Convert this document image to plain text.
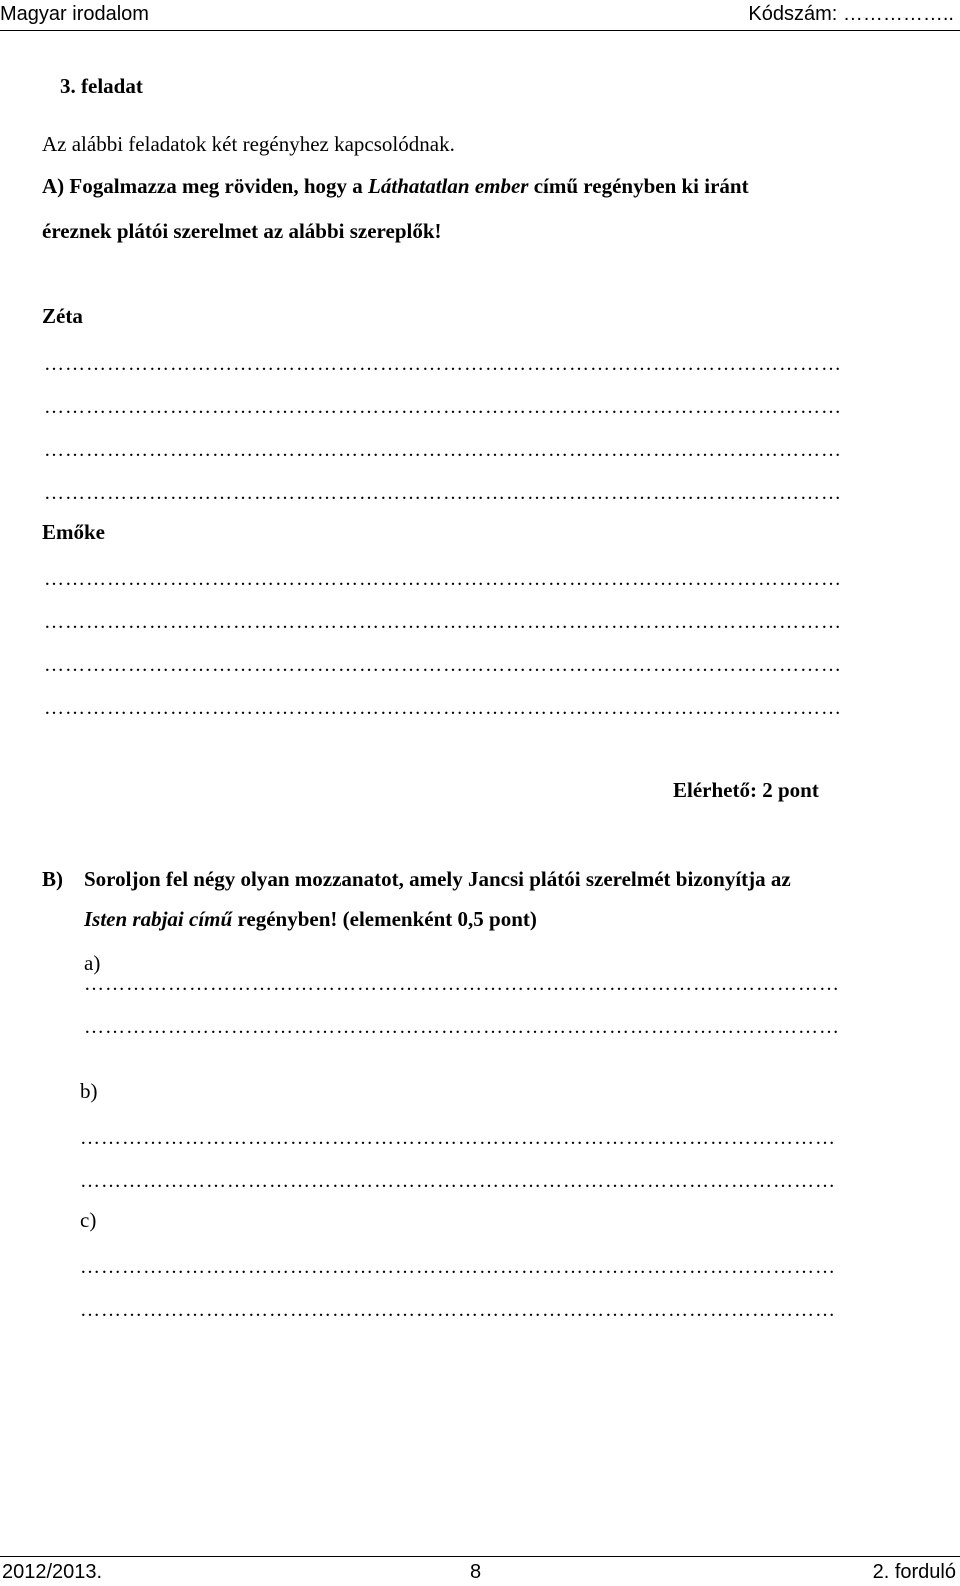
Magyar irodalom	Kódszám: ……………..
3. feladat
Az alábbi feladatok két regényhez kapcsolódnak.
A) Fogalmazza meg röviden, hogy a Láthatatlan ember című regényben ki iránt
éreznek plátói szerelmet az alábbi szereplők!
Zéta
……………………………………………………………………………………………………
……………………………………………………………………………………………………
……………………………………………………………………………………………………
……………………………………………………………………………………………………
Emőke
……………………………………………………………………………………………………
……………………………………………………………………………………………………
……………………………………………………………………………………………………
……………………………………………………………………………………………………
Elérhető: 2 pont
B) Soroljon fel négy olyan mozzanatot, amely Jancsi plátói szerelmét bizonyítja az
Isten rabjai című regényben! (elemenként 0,5 pont)
a)
………………………………………………………………………………………………
………………………………………………………………………………………………
b)
………………………………………………………………………………………………
………………………………………………………………………………………………
c)
………………………………………………………………………………………………
………………………………………………………………………………………………
2012/2013.	8	2. forduló
